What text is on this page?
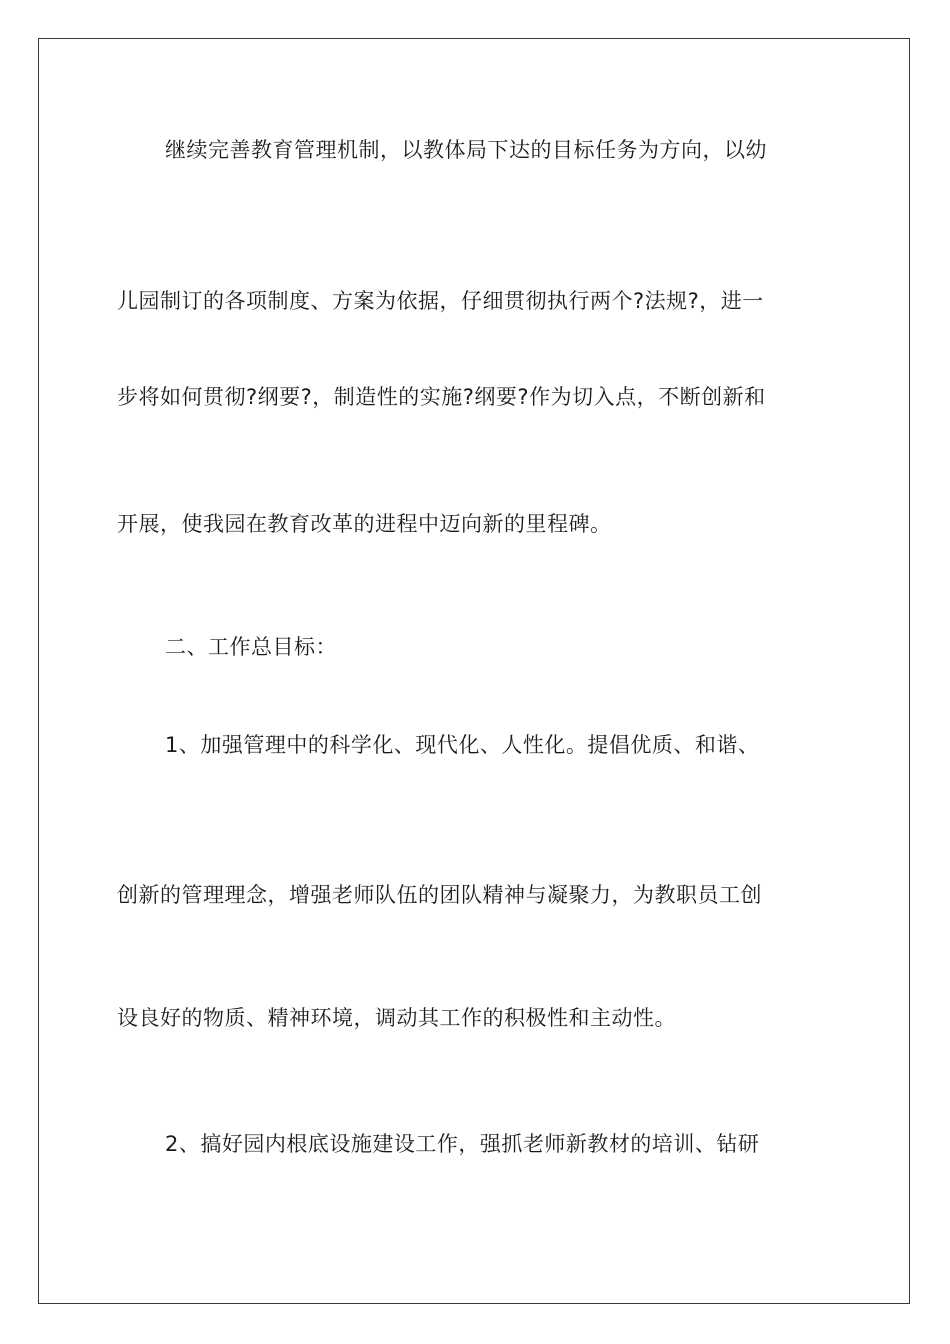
继续完善教育管理机制，以教体局下达的目标任务为方向，以幼
儿园制订的各项制度、方案为依据，仔细贯彻执行两个?法规?，进一
步将如何贯彻?纲要?，制造性的实施?纲要?作为切入点，不断创新和
开展，使我园在教育改革的进程中迈向新的里程碑。
二、工作总目标：
1、加强管理中的科学化、现代化、人性化。提倡优质、和谐、
创新的管理理念，增强老师队伍的团队精神与凝聚力，为教职员工创
设良好的物质、精神环境，调动其工作的积极性和主动性。
2、搞好园内根底设施建设工作，强抓老师新教材的培训、钻研
